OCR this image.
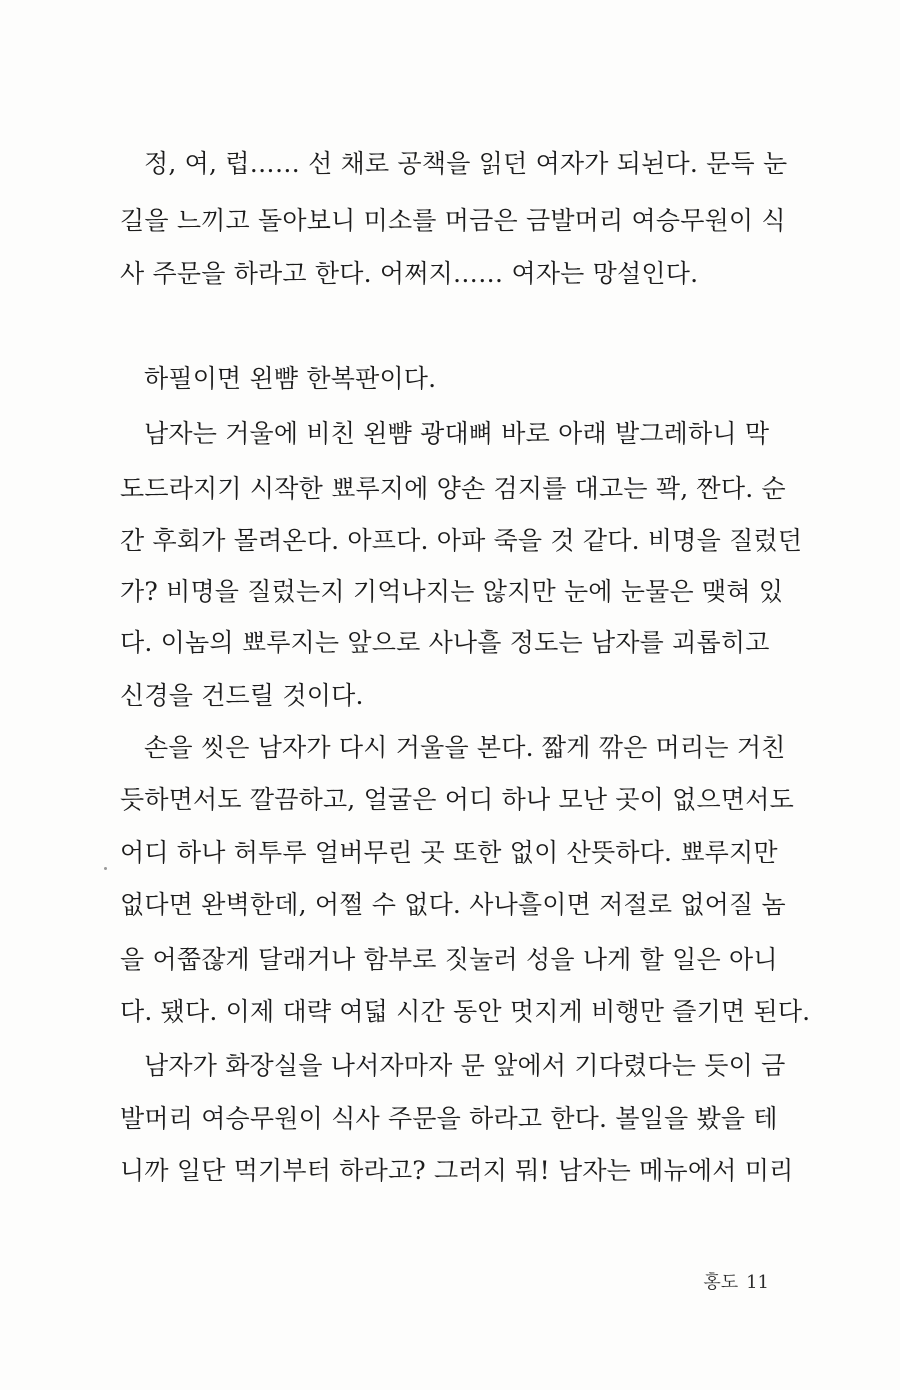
정, 여, 럽…… 선 채로 공책을 읽던 여자가 되뇐다. 문득 눈
길을 느끼고 돌아보니 미소를 머금은 금발머리 여승무원이 식
사 주문을 하라고 한다. 어쩌지…… 여자는 망설인다.
하필이면 왼뺨 한복판이다.
남자는 거울에 비친 왼뺨 광대뼈 바로 아래 발그레하니 막
도드라지기 시작한 뾰루지에 양손 검지를 대고는 꽉, 짠다. 순
간 후회가 몰려온다. 아프다. 아파 죽을 것 같다. 비명을 질렀던
가? 비명을 질렀는지 기억나지는 않지만 눈에 눈물은 맺혀 있
다. 이놈의 뾰루지는 앞으로 사나흘 정도는 남자를 괴롭히고
신경을 건드릴 것이다.
손을 씻은 남자가 다시 거울을 본다. 짧게 깎은 머리는 거친
듯하면서도 깔끔하고, 얼굴은 어디 하나 모난 곳이 없으면서도
어디 하나 허투루 얼버무린 곳 또한 없이 산뜻하다. 뾰루지만
없다면 완벽한데, 어쩔 수 없다. 사나흘이면 저절로 없어질 놈
을 어쭙잖게 달래거나 함부로 짓눌러 성을 나게 할 일은 아니
다. 됐다. 이제 대략 여덟 시간 동안 멋지게 비행만 즐기면 된다.
남자가 화장실을 나서자마자 문 앞에서 기다렸다는 듯이 금
발머리 여승무원이 식사 주문을 하라고 한다. 볼일을 봤을 테
니까 일단 먹기부터 하라고? 그러지 뭐! 남자는 메뉴에서 미리
홍도 11
